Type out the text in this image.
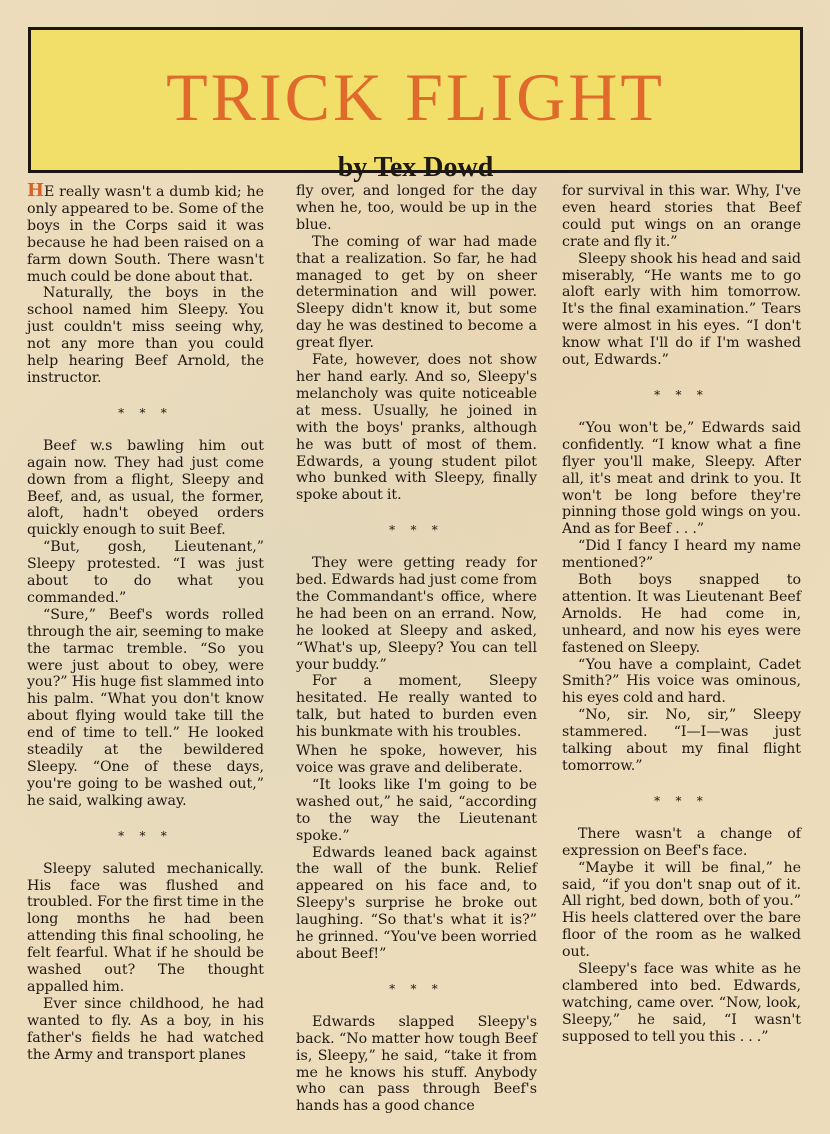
TRICK FLIGHT
by Tex Dowd

HE really wasn't a dumb kid; he only appeared to be. Some of the boys in the Corps said it was because he had been raised on a farm down South. There wasn't much could be done about that.

Naturally, the boys in the school named him Sleepy. You just couldn't miss seeing why, not any more than you could help hearing Beef Arnold, the instructor.

* * *

Beef w.s bawling him out again now. They had just come down from a flight, Sleepy and Beef, and, as usual, the former, aloft, hadn't obeyed orders quickly enough to suit Beef.

“But, gosh, Lieutenant,” Sleepy protested. “I was just about to do what you commanded.”

“Sure,” Beef's words rolled through the air, seeming to make the tarmac tremble. “So you were just about to obey, were you?” His huge fist slammed into his palm. “What you don't know about flying would take till the end of time to tell.” He looked steadily at the bewildered Sleepy. “One of these days, you're going to be washed out,” he said, walking away.

* * *

Sleepy saluted mechanically. His face was flushed and troubled. For the first time in the long months he had been attending this final schooling, he felt fearful. What if he should be washed out? The thought appalled him.

Ever since childhood, he had wanted to fly. As a boy, in his father's fields he had watched the Army and transport planes

fly over, and longed for the day when he, too, would be up in the blue.

The coming of war had made that a realization. So far, he had managed to get by on sheer determination and will power. Sleepy didn't know it, but some day he was destined to become a great flyer.

Fate, however, does not show her hand early. And so, Sleepy's melancholy was quite noticeable at mess. Usually, he joined in with the boys' pranks, although he was butt of most of them. Edwards, a young student pilot who bunked with Sleepy, finally spoke about it.

* * *

They were getting ready for bed. Edwards had just come from the Commandant's office, where he had been on an errand. Now, he looked at Sleepy and asked, “What's up, Sleepy? You can tell your buddy.”

For a moment, Sleepy hesitated. He really wanted to talk, but hated to burden even his bunkmate with his troubles.

When he spoke, however, his voice was grave and deliberate.

“It looks like I'm going to be washed out,” he said, “according to the way the Lieutenant spoke.”

Edwards leaned back against the wall of the bunk. Relief appeared on his face and, to Sleepy's surprise he broke out laughing. “So that's what it is?” he grinned. “You've been worried about Beef!”

* * *

Edwards slapped Sleepy's back. “No matter how tough Beef is, Sleepy,” he said, “take it from me he knows his stuff. Anybody who can pass through Beef's hands has a good chance

for survival in this war. Why, I've even heard stories that Beef could put wings on an orange crate and fly it.”

Sleepy shook his head and said miserably, “He wants me to go aloft early with him tomorrow. It's the final examination.” Tears were almost in his eyes. “I don't know what I'll do if I'm washed out, Edwards.”

* * *

“You won't be,” Edwards said confidently. “I know what a fine flyer you'll make, Sleepy. After all, it's meat and drink to you. It won't be long before they're pinning those gold wings on you. And as for Beef . . .”

“Did I fancy I heard my name mentioned?”

Both boys snapped to attention. It was Lieutenant Beef Arnolds. He had come in, unheard, and now his eyes were fastened on Sleepy.

“You have a complaint, Cadet Smith?” His voice was ominous, his eyes cold and hard.

“No, sir. No, sir,” Sleepy stammered. “I—I—was just talking about my final flight tomorrow.”

* * *

There wasn't a change of expression on Beef's face.

“Maybe it will be final,” he said, “if you don't snap out of it. All right, bed down, both of you.” His heels clattered over the bare floor of the room as he walked out.

Sleepy's face was white as he clambered into bed. Edwards, watching, came over. “Now, look, Sleepy,” he said, “I wasn't supposed to tell you this . . .”
